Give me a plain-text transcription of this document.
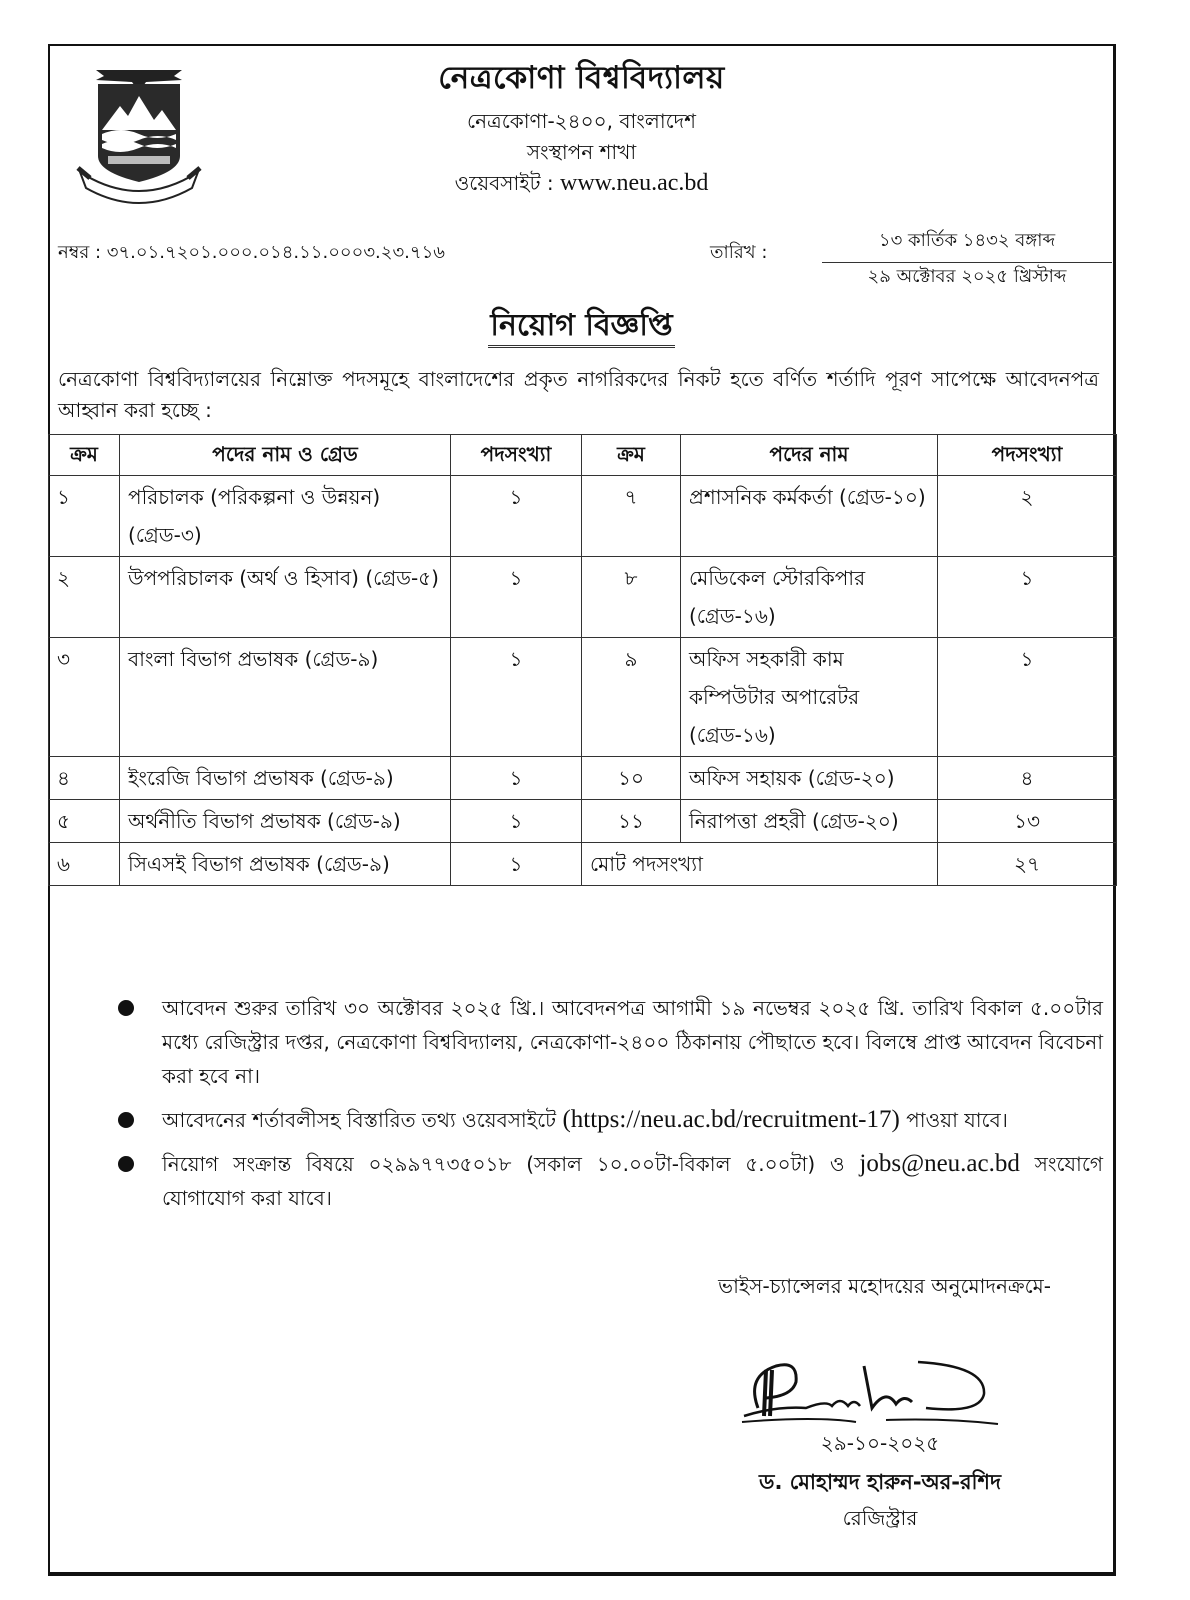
নেত্রকোণা বিশ্ববিদ্যালয়
নেত্রকোণা-২৪০০, বাংলাদেশ
সংস্থাপন শাখা
ওয়েবসাইট : www.neu.ac.bd
নম্বর : ৩৭.০১.৭২০১.০০০.০১৪.১১.০০০৩.২৩.৭১৬	তারিখ :
১৩ কার্তিক ১৪৩২ বঙ্গাব্দ
২৯ অক্টোবর ২০২৫ খ্রিস্টাব্দ
নিয়োগ বিজ্ঞপ্তি
নেত্রকোণা বিশ্ববিদ্যালয়ের নিম্নোক্ত পদসমূহে বাংলাদেশের প্রকৃত নাগরিকদের নিকট হতে বর্ণিত শর্তাদি পূরণ সাপেক্ষে আবেদনপত্র আহ্বান করা হচ্ছে :
ক্রম	পদের নাম ও গ্রেড	পদসংখ্যা	ক্রম	পদের নাম	পদসংখ্যা
১	পরিচালক (পরিকল্পনা ও উন্নয়ন) (গ্রেড-৩)	১	৭	প্রশাসনিক কর্মকর্তা (গ্রেড-১০)	২
২	উপপরিচালক (অর্থ ও হিসাব) (গ্রেড-৫)	১	৮	মেডিকেল স্টোরকিপার (গ্রেড-১৬)	১
৩	বাংলা বিভাগ প্রভাষক (গ্রেড-৯)	১	৯	অফিস সহকারী কাম কম্পিউটার অপারেটর (গ্রেড-১৬)	১
৪	ইংরেজি বিভাগ প্রভাষক (গ্রেড-৯)	১	১০	অফিস সহায়ক (গ্রেড-২০)	৪
৫	অর্থনীতি বিভাগ প্রভাষক (গ্রেড-৯)	১	১১	নিরাপত্তা প্রহরী (গ্রেড-২০)	১৩
৬	সিএসই বিভাগ প্রভাষক (গ্রেড-৯)	১	মোট পদসংখ্যা		২৭
আবেদন শুরুর তারিখ ৩০ অক্টোবর ২০২৫ খ্রি.। আবেদনপত্র আগামী ১৯ নভেম্বর ২০২৫ খ্রি. তারিখ বিকাল ৫.০০টার মধ্যে রেজিস্ট্রার দপ্তর, নেত্রকোণা বিশ্ববিদ্যালয়, নেত্রকোণা-২৪০০ ঠিকানায় পৌছাতে হবে। বিলম্বে প্রাপ্ত আবেদন বিবেচনা করা হবে না।
আবেদনের শর্তাবলীসহ বিস্তারিত তথ্য ওয়েবসাইটে (https://neu.ac.bd/recruitment-17) পাওয়া যাবে।
নিয়োগ সংক্রান্ত বিষয়ে ০২৯৯৭৭৩৫০১৮ (সকাল ১০.০০টা-বিকাল ৫.০০টা) ও jobs@neu.ac.bd সংযোগে যোগাযোগ করা যাবে।
ভাইস-চ্যান্সেলর মহোদয়ের অনুমোদনক্রমে-
২৯-১০-২০২৫
ড. মোহাম্মদ হারুন-অর-রশিদ
রেজিস্ট্রার
